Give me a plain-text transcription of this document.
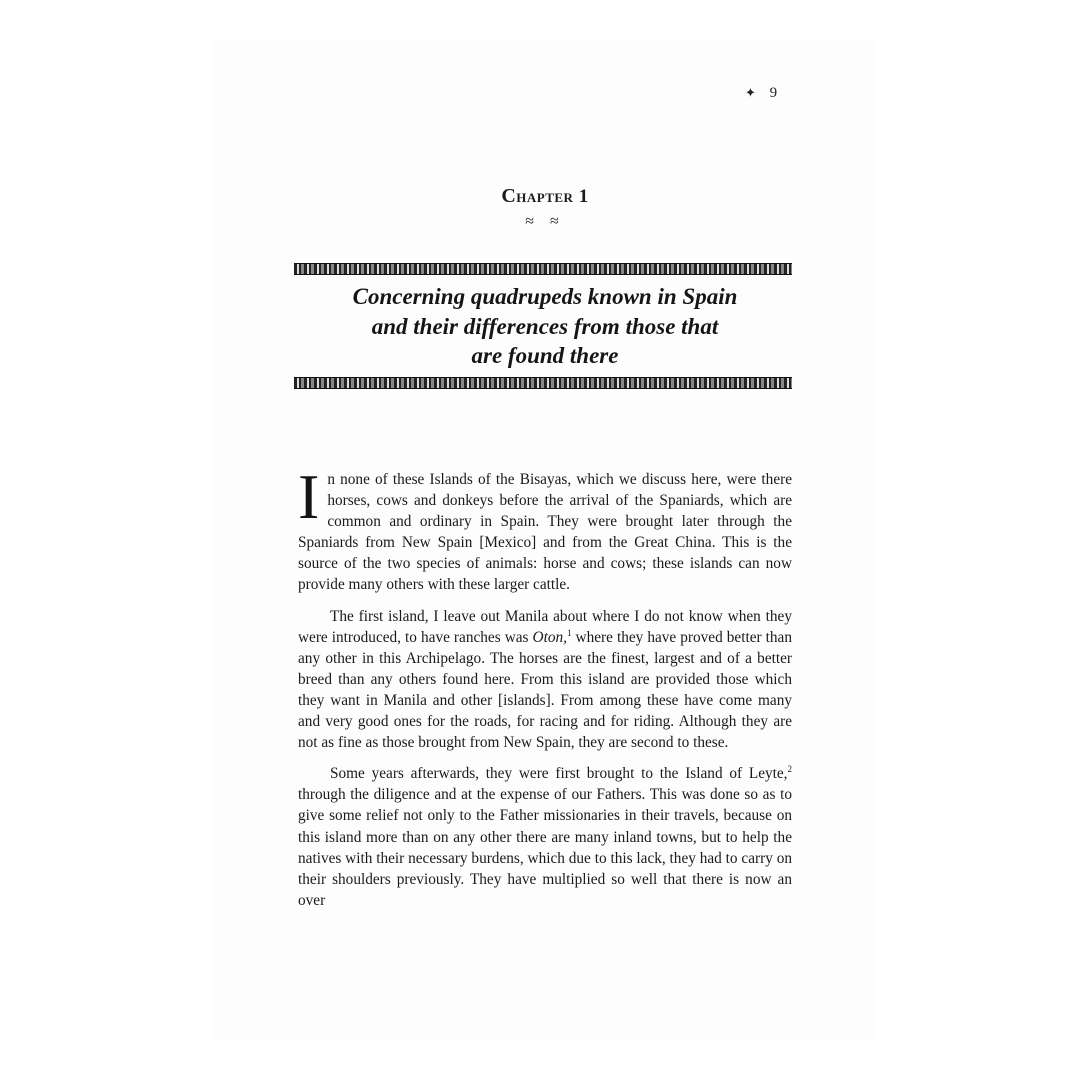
✦ 9
Chapter 1
≈ ≈
Concerning quadrupeds known in Spain
and their differences from those that
are found there

In none of these Islands of the Bisayas, which we discuss here, were there horses, cows and donkeys before the arrival of the Spaniards, which are common and ordinary in Spain. They were brought later through the Spaniards from New Spain [Mexico] and from the Great China. This is the source of the two species of animals: horse and cows; these islands can now provide many others with these larger cattle.

The first island, I leave out Manila about where I do not know when they were introduced, to have ranches was Oton,$^1$ where they have proved better than any other in this Archipelago. The horses are the finest, largest and of a better breed than any others found here. From this island are provided those which they want in Manila and other [islands]. From among these have come many and very good ones for the roads, for racing and for riding. Although they are not as fine as those brought from New Spain, they are second to these.

Some years afterwards, they were first brought to the Island of Leyte,$^2$ through the diligence and at the expense of our Fathers. This was done so as to give some relief not only to the Father missionaries in their travels, because on this island more than on any other there are many inland towns, but to help the natives with their necessary burdens, which due to this lack, they had to carry on their shoulders previously. They have multiplied so well that there is now an over
